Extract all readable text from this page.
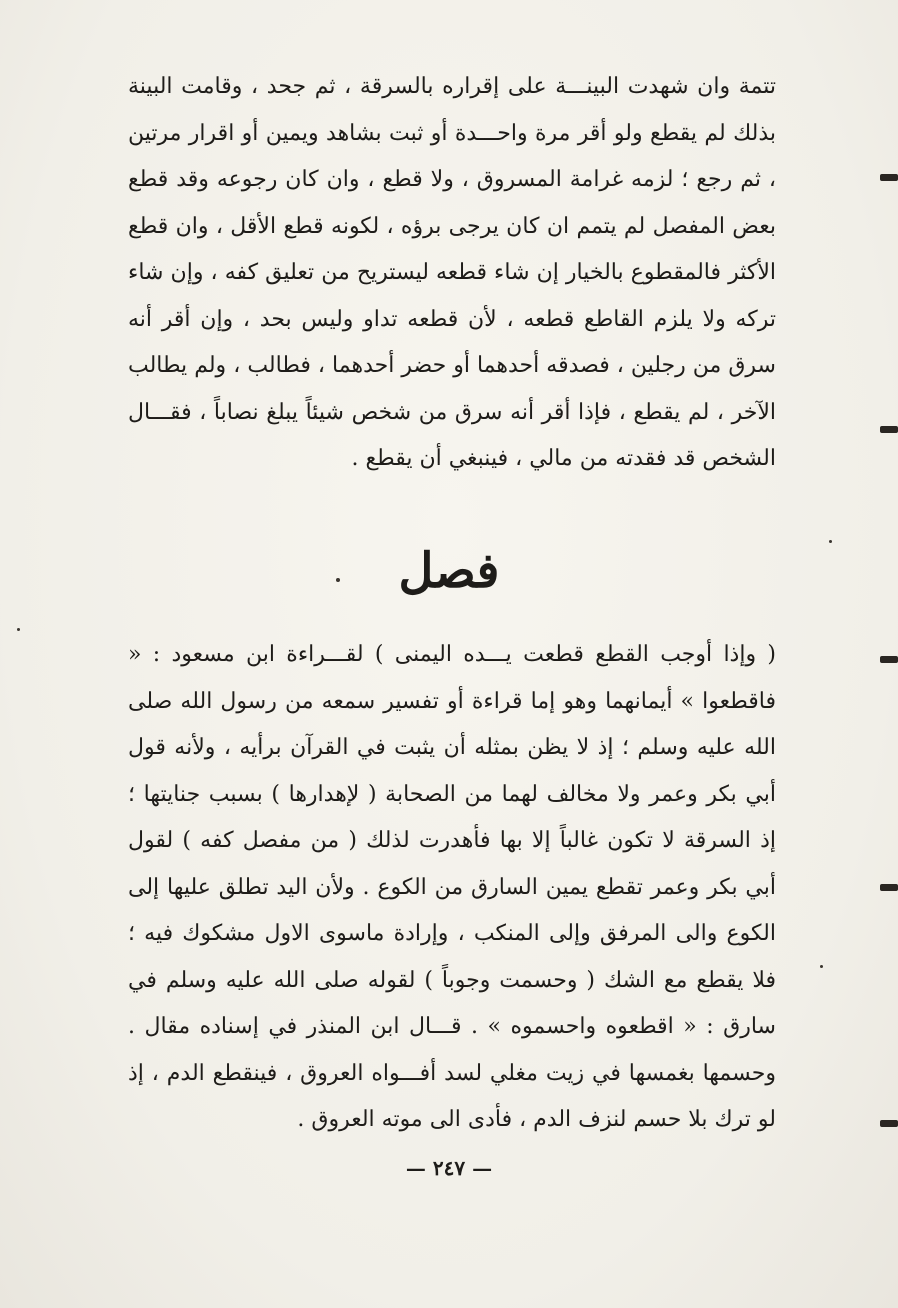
تتمة وان شهدت البينـــة على إقراره بالسرقة ، ثم جحد ، وقامت البينة بذلك لم يقطع ولو أقر مرة واحـــدة أو ثبت بشاهد ويمين أو اقرار مرتين ، ثم رجع ؛ لزمه غرامة المسروق ، ولا قطع ، وان كان رجوعه وقد قطع بعض المفصل لم يتمم ان كان يرجى برؤه ، لكونه قطع الأقل ، وان قطع الأكثر فالمقطوع بالخيار إن شاء قطعه ليستريح من تعليق كفه ، وإن شاء تركه ولا يلزم القاطع قطعه ، لأن قطعه تداو وليس بحد ، وإن أقر أنه سرق من رجلين ، فصدقه أحدهما أو حضر أحدهما ، فطالب ، ولم يطالب الآخر ، لم يقطع ، فإذا أقر أنه سرق من شخص شيئاً يبلغ نصاباً ، فقـــال الشخص قد فقدته من مالي ، فينبغي أن يقطع .

فصل

( وإذا أوجب القطع قطعت يـــده اليمنى ) لقـــراءة ابن مسعود : « فاقطعوا » أيمانهما وهو إما قراءة أو تفسير سمعه من رسول الله صلى الله عليه وسلم ؛ إذ لا يظن بمثله أن يثبت في القرآن برأيه ، ولأنه قول أبي بكر وعمر ولا مخالف لهما من الصحابة ( لإهدارها ) بسبب جنايتها ؛ إذ السرقة لا تكون غالباً إلا بها فأهدرت لذلك ( من مفصل كفه ) لقول أبي بكر وعمر تقطع يمين السارق من الكوع . ولأن اليد تطلق عليها إلى الكوع والى المرفق وإلى المنكب ، وإرادة ماسوى الاول مشكوك فيه ؛ فلا يقطع مع الشك ( وحسمت وجوباً ) لقوله صلى الله عليه وسلم في سارق : « اقطعوه واحسموه » . قـــال ابن المنذر في إسناده مقال . وحسمها بغمسها في زيت مغلي لسد أفـــواه العروق ، فينقطع الدم ، إذ لو ترك بلا حسم لنزف الدم ، فأدى الى موته العروق .

— ٢٤٧ —
